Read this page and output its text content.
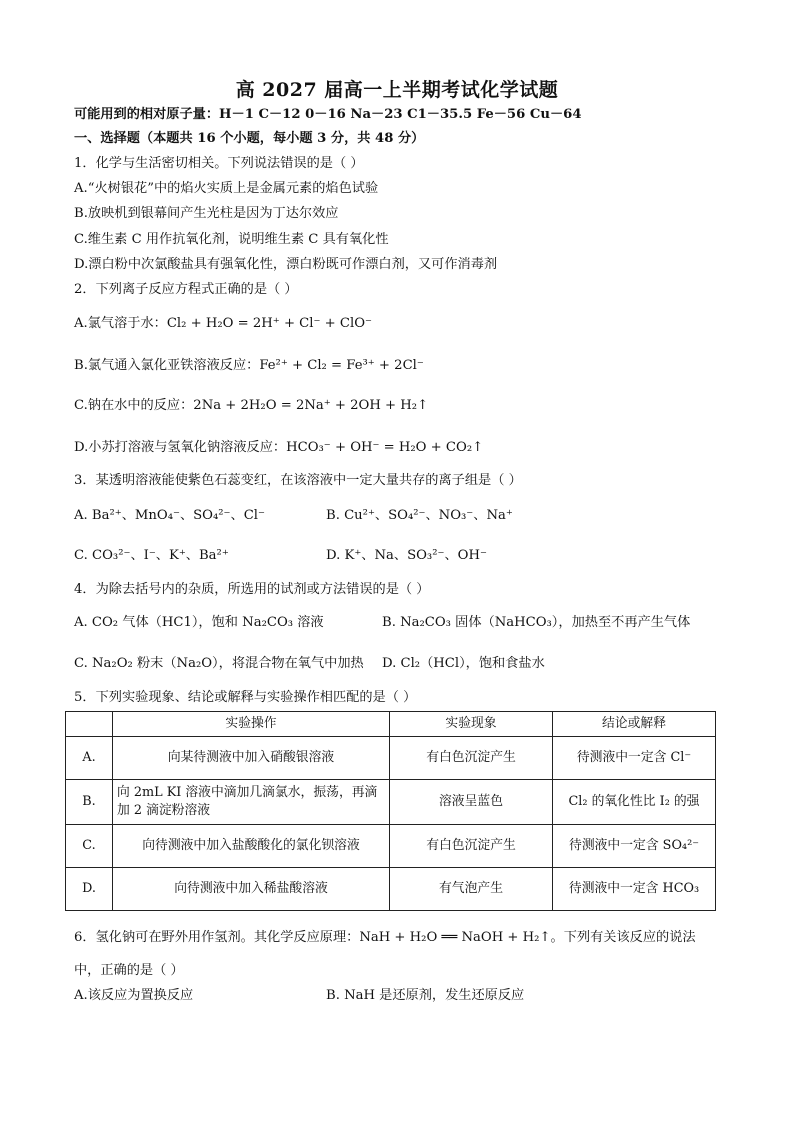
高 2027 届高一上半期考试化学试题
可能用到的相对原子量：H－1 C－12 0－16 Na－23 C1－35.5 Fe－56 Cu－64
一、选择题（本题共 16 个小题，每小题 3 分，共 48 分）
1．化学与生活密切相关。下列说法错误的是（ ）
A.“火树银花”中的焰火实质上是金属元素的焰色试验
B.放映机到银幕间产生光柱是因为丁达尔效应
C.维生素 C 用作抗氧化剂，说明维生素 C 具有氧化性
D.漂白粉中次氯酸盐具有强氧化性，漂白粉既可作漂白剂，又可作消毒剂
2．下列离子反应方程式正确的是（ ）
A.氯气溶于水：Cl₂ + H₂O = 2H⁺ + Cl⁻ + ClO⁻
B.氯气通入氯化亚铁溶液反应：Fe²⁺ + Cl₂ = Fe³⁺ + 2Cl⁻
C.钠在水中的反应：2Na + 2H₂O = 2Na⁺ + 2OH + H₂↑
D.小苏打溶液与氢氧化钠溶液反应：HCO₃⁻ + OH⁻ = H₂O + CO₂↑
3．某透明溶液能使紫色石蕊变红，在该溶液中一定大量共存的离子组是（ ）
A. Ba²⁺、MnO₄⁻、SO₄²⁻、Cl⁻	B. Cu²⁺、SO₄²⁻、NO₃⁻、Na⁺
C. CO₃²⁻、I⁻、K⁺、Ba²⁺	D. K⁺、Na、SO₃²⁻、OH⁻
4．为除去括号内的杂质，所选用的试剂或方法错误的是（ ）
A. CO₂ 气体（HC1），饱和 Na₂CO₃ 溶液	B. Na₂CO₃ 固体（NaHCO₃），加热至不再产生气体
C. Na₂O₂ 粉末（Na₂O），将混合物在氧气中加热 D. Cl₂（HCl），饱和食盐水
5．下列实验现象、结论或解释与实验操作相匹配的是（ ）
	实验操作	实验现象	结论或解释
A.	向某待测液中加入硝酸银溶液	有白色沉淀产生	待测液中一定含 Cl⁻
B.	向 2mL KI 溶液中滴加几滴氯水，振荡，再滴加 2 滴淀粉溶液	溶液呈蓝色	Cl₂ 的氧化性比 I₂ 的强
C.	向待测液中加入盐酸酸化的氯化钡溶液	有白色沉淀产生	待测液中一定含 SO₄²⁻
D.	向待测液中加入稀盐酸溶液	有气泡产生	待测液中一定含 HCO₃
6．氢化钠可在野外用作氢剂。其化学反应原理：NaH + H₂O ══ NaOH + H₂↑。下列有关该反应的说法
中，正确的是（ ）
A.该反应为置换反应	B. NaH 是还原剂，发生还原反应
